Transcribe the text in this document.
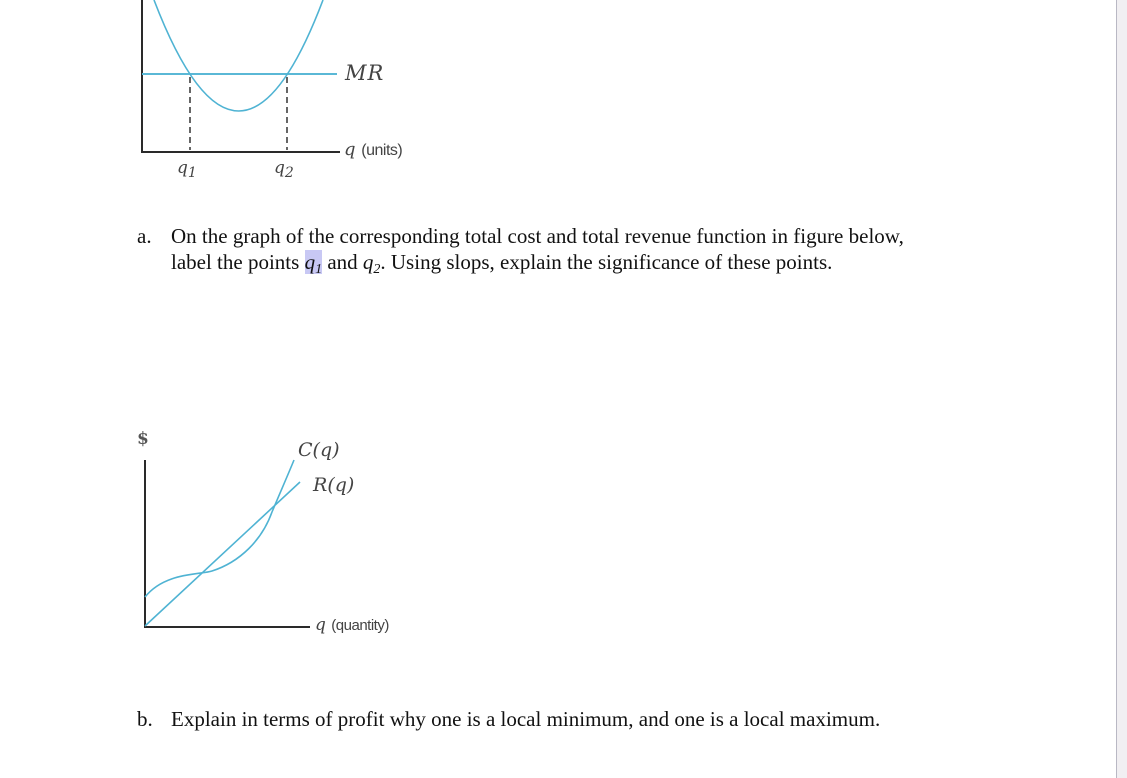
MR
q (units)
$q_1$	$q_2$
a. On the graph of the corresponding total cost and total revenue function in figure below,
label the points $q_1$ and $q_2$. Using slops, explain the significance of these points.
$	C(q)
R(q)
q (quantity)
b. Explain in terms of profit why one is a local minimum, and one is a local maximum.
